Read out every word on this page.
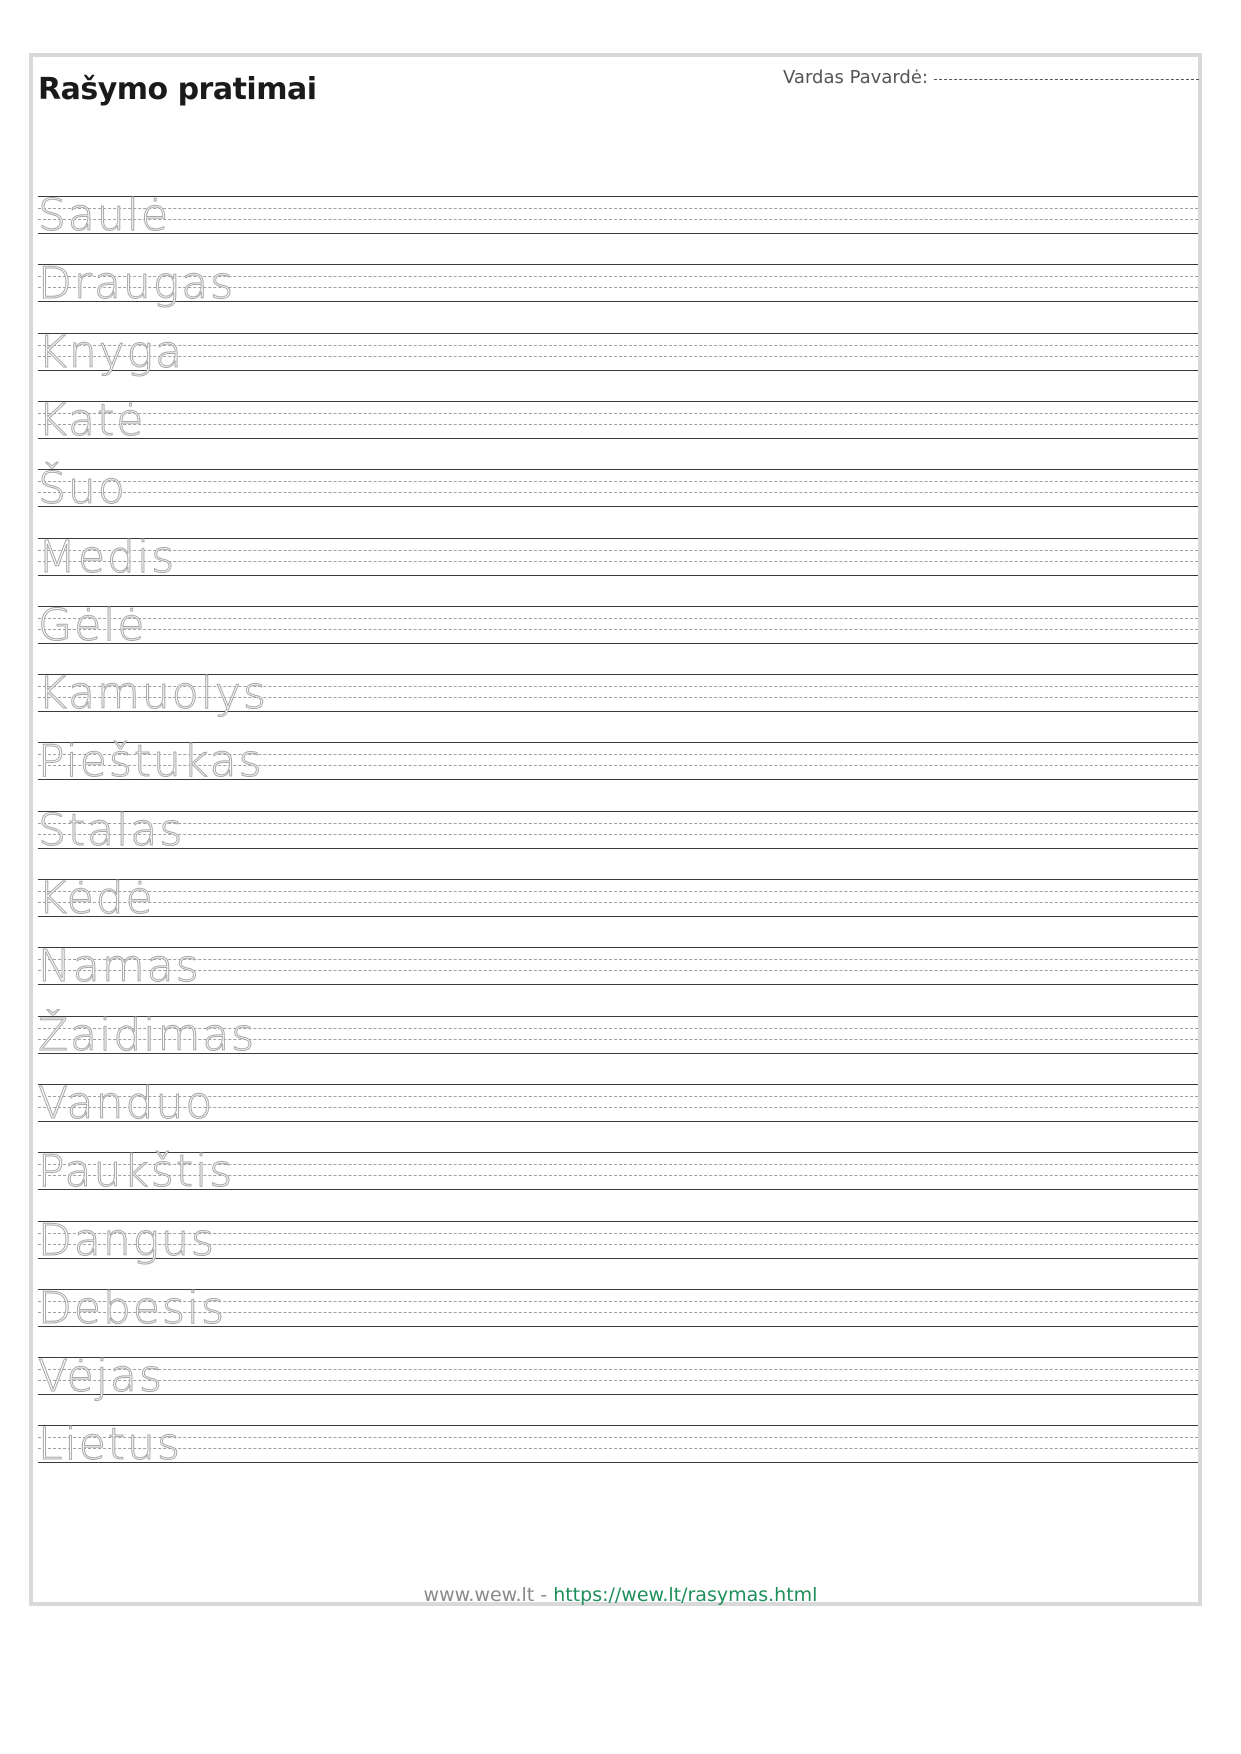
Rašymo pratimai	Vardas Pavardė:
Saulė
Draugas
Knyga
Katė
Šuo
Medis
Gėlė
Kamuolys
Pieštukas
Stalas
Kėdė
Namas
Žaidimas
Vanduo
Paukštis
Dangus
Debesis
Vėjas
Lietus
www.wew.lt - https://wew.lt/rasymas.html
